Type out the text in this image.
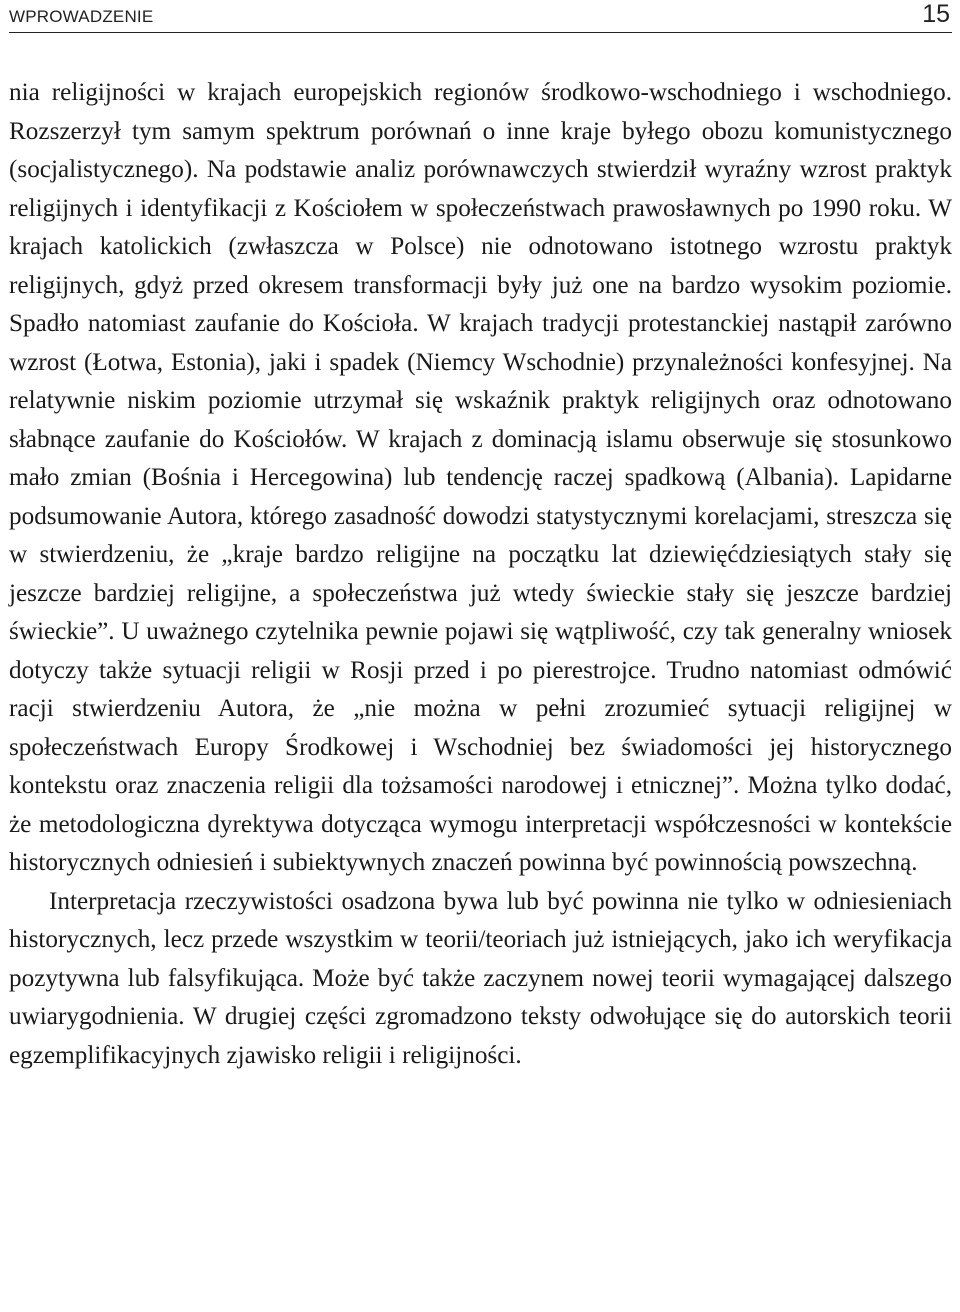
WPROWADZENIE	15

nia religijności w krajach europejskich regionów środkowo-wschodniego i wschodniego. Rozszerzył tym samym spektrum porównań o inne kraje byłego obozu komunistycznego (socjalistycznego). Na podstawie analiz porównawczych stwierdził wyraźny wzrost praktyk religijnych i identyfikacji z Kościołem w społeczeństwach prawosławnych po 1990 roku. W krajach katolickich (zwłaszcza w Polsce) nie odnotowano istotnego wzrostu praktyk religijnych, gdyż przed okresem transformacji były już one na bardzo wysokim poziomie. Spadło natomiast zaufanie do Kościoła. W krajach tradycji protestanckiej nastąpił zarówno wzrost (Łotwa, Estonia), jaki i spadek (Niemcy Wschodnie) przynależności konfesyjnej. Na relatywnie niskim poziomie utrzymał się wskaźnik praktyk religijnych oraz odnotowano słabnące zaufanie do Kościołów. W krajach z dominacją islamu obserwuje się stosunkowo mało zmian (Bośnia i Hercegowina) lub tendencję raczej spadkową (Albania). Lapidarne podsumowanie Autora, którego zasadność dowodzi statystycznymi korelacjami, streszcza się w stwierdzeniu, że „kraje bardzo religijne na początku lat dziewięćdziesiątych stały się jeszcze bardziej religijne, a społeczeństwa już wtedy świeckie stały się jeszcze bardziej świeckie”. U uważnego czytelnika pewnie pojawi się wątpliwość, czy tak generalny wniosek dotyczy także sytuacji religii w Rosji przed i po pierestrojce. Trudno natomiast odmówić racji stwierdzeniu Autora, że „nie można w pełni zrozumieć sytuacji religijnej w społeczeństwach Europy Środkowej i Wschodniej bez świadomości jej historycznego kontekstu oraz znaczenia religii dla tożsamości narodowej i etnicznej”. Można tylko dodać, że metodologiczna dyrektywa dotycząca wymogu interpretacji współczesności w kontekście historycznych odniesień i subiektywnych znaczeń powinna być powinnością powszechną.

Interpretacja rzeczywistości osadzona bywa lub być powinna nie tylko w odniesieniach historycznych, lecz przede wszystkim w teorii/teoriach już istniejących, jako ich weryfikacja pozytywna lub falsyfikująca. Może być także zaczynem nowej teorii wymagającej dalszego uwiarygodnienia. W drugiej części zgromadzono teksty odwołujące się do autorskich teorii egzemplifikacyjnych zjawisko religii i religijności.
